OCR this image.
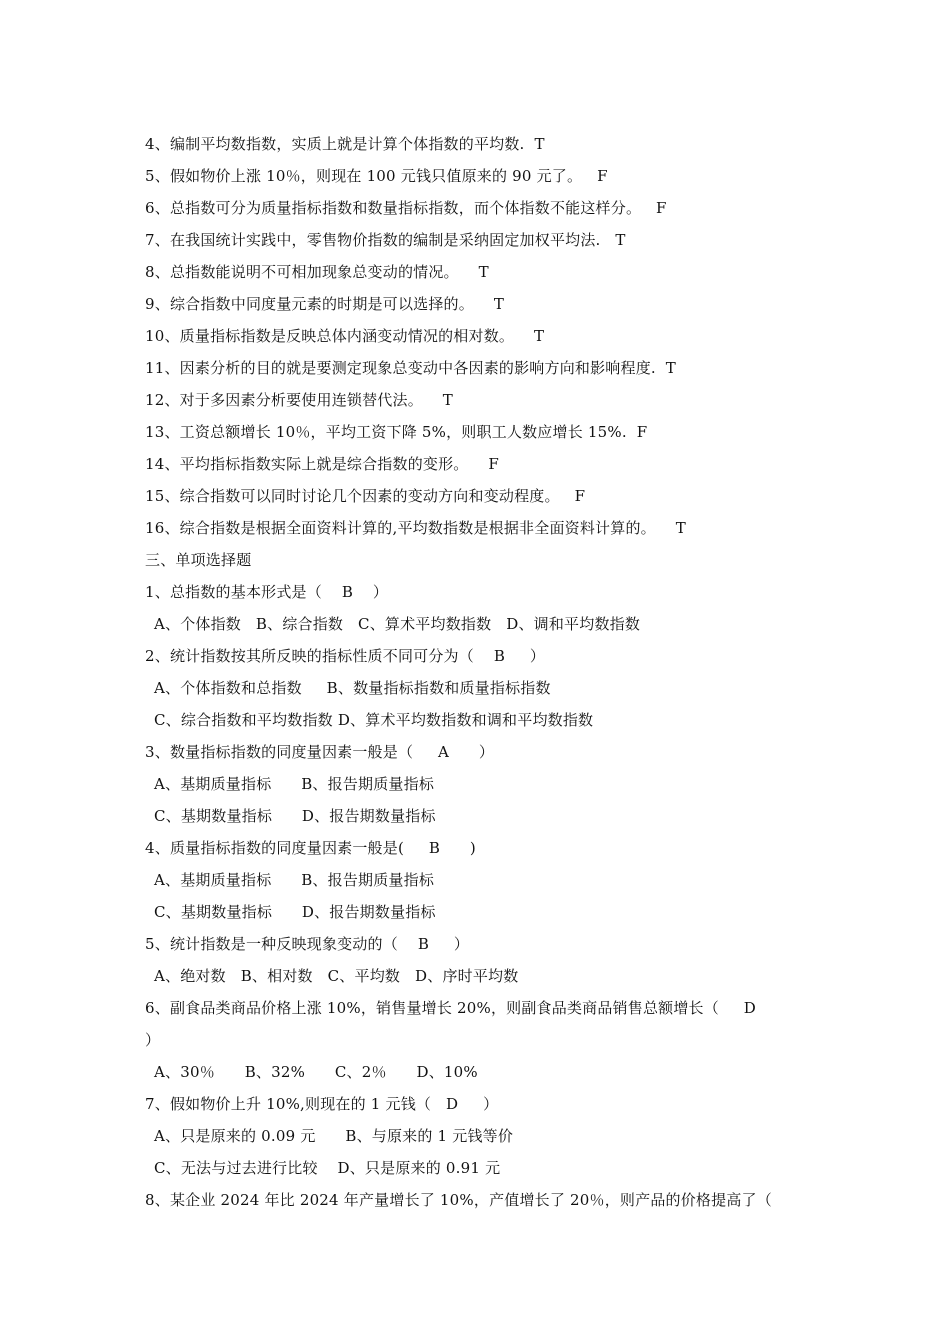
4、编制平均数指数，实质上就是计算个体指数的平均数.  T
5、假如物价上涨 10％，则现在 100 元钱只值原来的 90 元了。   F
6、总指数可分为质量指标指数和数量指标指数，而个体指数不能这样分。   F
7、在我国统计实践中，零售物价指数的编制是采纳固定加权平均法.   T
8、总指数能说明不可相加现象总变动的情况。    T
9、综合指数中同度量元素的时期是可以选择的。    T
10、质量指标指数是反映总体内涵变动情况的相对数。    T
11、因素分析的目的就是要测定现象总变动中各因素的影响方向和影响程度.  T
12、对于多因素分析要使用连锁替代法。    T
13、工资总额增长 10％，平均工资下降 5%，则职工人数应增长 15%.  F
14、平均指标指数实际上就是综合指数的变形。    F
15、综合指数可以同时讨论几个因素的变动方向和变动程度。   F
16、综合指数是根据全面资料计算的,平均数指数是根据非全面资料计算的。    T
三、单项选择题
1、总指数的基本形式是（    B    ）
A、个体指数   B、综合指数   C、算术平均数指数   D、调和平均数指数
2、统计指数按其所反映的指标性质不同可分为（    B     ）
A、个体指数和总指数     B、数量指标指数和质量指标指数
C、综合指数和平均数指数 D、算术平均数指数和调和平均数指数
3、数量指标指数的同度量因素一般是（     A      ）
A、基期质量指标      B、报告期质量指标
C、基期数量指标      D、报告期数量指标
4、质量指标指数的同度量因素一般是(     B      )
A、基期质量指标      B、报告期质量指标
C、基期数量指标      D、报告期数量指标
5、统计指数是一种反映现象变动的（    B     ）
A、绝对数   B、相对数   C、平均数   D、序时平均数
6、副食品类商品价格上涨 10%，销售量增长 20%，则副食品类商品销售总额增长（     D
）
A、30％      B、32%      C、2％      D、10%
7、假如物价上升 10%,则现在的 1 元钱（   D     ）
A、只是原来的 0.09 元      B、与原来的 1 元钱等价
C、无法与过去进行比较    D、只是原来的 0.91 元
8、某企业 2024 年比 2024 年产量增长了 10%，产值增长了 20％，则产品的价格提高了（
